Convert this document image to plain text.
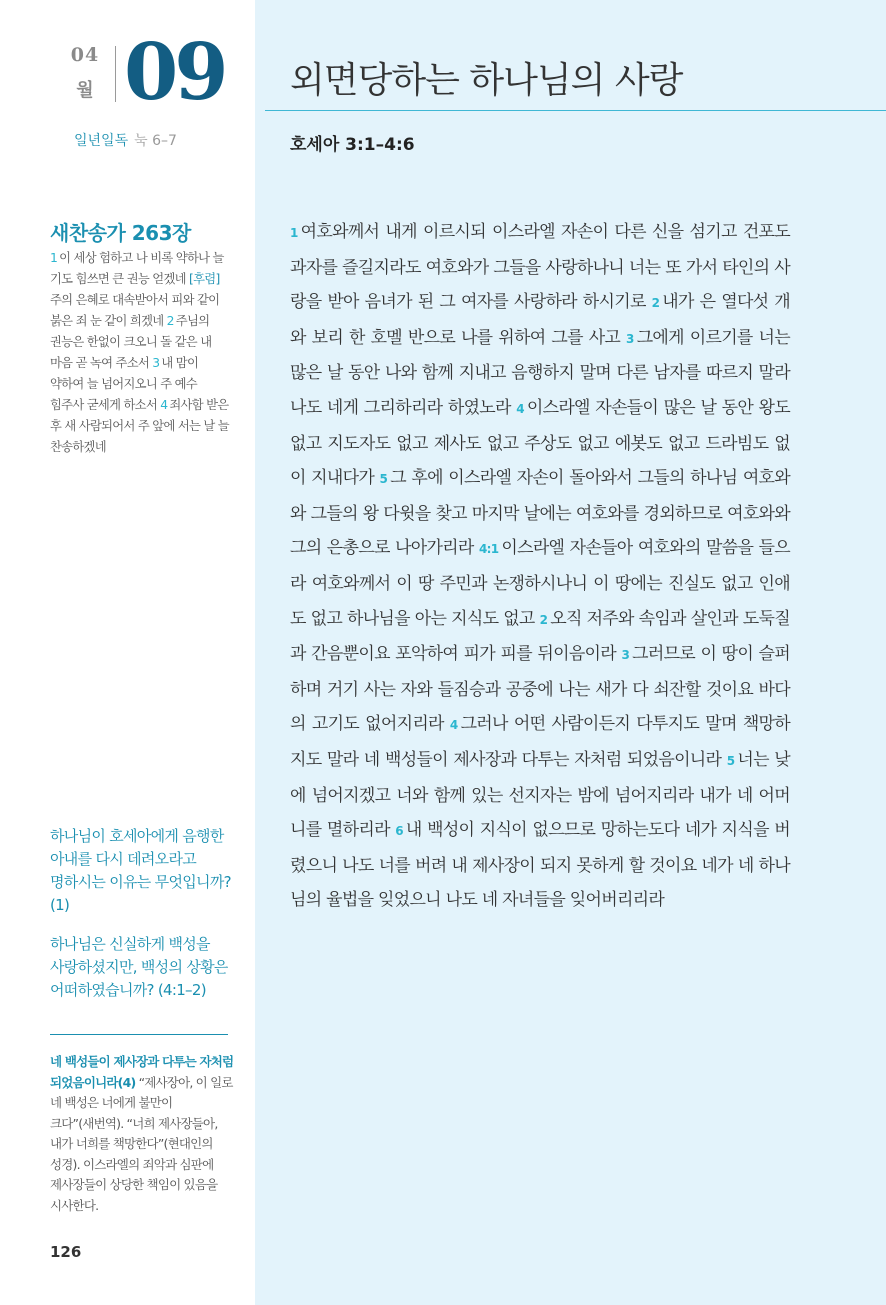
04
월 09
일년일독 눅 6–7
새찬송가 263장
1 이 세상 험하고 나 비록 약하나 늘 기도 힘쓰면 큰 권능 얻겠네 [후렴]주의 은혜로 대속받아서 피와 같이 붉은 죄 눈 같이 희겠네 2 주님의 권능은 한없이 크오니 돌 같은 내 마음 곧 녹여 주소서 3 내 맘이 약하여 늘 넘어지오니 주 예수 힘주사 굳세게 하소서 4 죄사함 받은 후 새 사람되어서 주 앞에 서는 날 늘 찬송하겠네

하나님이 호세아에게 음행한 아내를 다시 데려오라고 명하시는 이유는 무엇입니까? (1)

하나님은 신실하게 백성을 사랑하셨지만, 백성의 상황은 어떠하였습니까? (4:1–2)

네 백성들이 제사장과 다투는 자처럼 되었음이니라(4) “제사장아, 이 일로 네 백성은 너에게 불만이 크다”(새번역). “너희 제사장들아, 내가 너희를 책망한다”(현대인의 성경). 이스라엘의 죄악과 심판에 제사장들이 상당한 책임이 있음을 시사한다.
126
외면당하는 하나님의 사랑
호세아 3:1–4:6

1 여호와께서 내게 이르시되 이스라엘 자손이 다른 신을 섬기고 건포도 과자를 즐길지라도 여호와가 그들을 사랑하나니 너는 또 가서 타인의 사랑을 받아 음녀가 된 그 여자를 사랑하라 하시기로 2 내가 은 열다섯 개와 보리 한 호멜 반으로 나를 위하여 그를 사고 3 그에게 이르기를 너는 많은 날 동안 나와 함께 지내고 음행하지 말며 다른 남자를 따르지 말라 나도 네게 그리하리라 하였노라 4 이스라엘 자손들이 많은 날 동안 왕도 없고 지도자도 없고 제사도 없고 주상도 없고 에봇도 없고 드라빔도 없이 지내다가 5 그 후에 이스라엘 자손이 돌아와서 그들의 하나님 여호와와 그들의 왕 다윗을 찾고 마지막 날에는 여호와를 경외하므로 여호와와 그의 은총으로 나아가리라 4:1 이스라엘 자손들아 여호와의 말씀을 들으라 여호와께서 이 땅 주민과 논쟁하시나니 이 땅에는 진실도 없고 인애도 없고 하나님을 아는 지식도 없고 2 오직 저주와 속임과 살인과 도둑질과 간음뿐이요 포악하여 피가 피를 뒤이음이라 3 그러므로 이 땅이 슬퍼하며 거기 사는 자와 들짐승과 공중에 나는 새가 다 쇠잔할 것이요 바다의 고기도 없어지리라 4 그러나 어떤 사람이든지 다투지도 말며 책망하지도 말라 네 백성들이 제사장과 다투는 자처럼 되었음이니라 5 너는 낮에 넘어지겠고 너와 함께 있는 선지자는 밤에 넘어지리라 내가 네 어머니를 멸하리라 6 내 백성이 지식이 없으므로 망하는도다 네가 지식을 버렸으니 나도 너를 버려 내 제사장이 되지 못하게 할 것이요 네가 네 하나님의 율법을 잊었으니 나도 네 자녀들을 잊어버리리라
